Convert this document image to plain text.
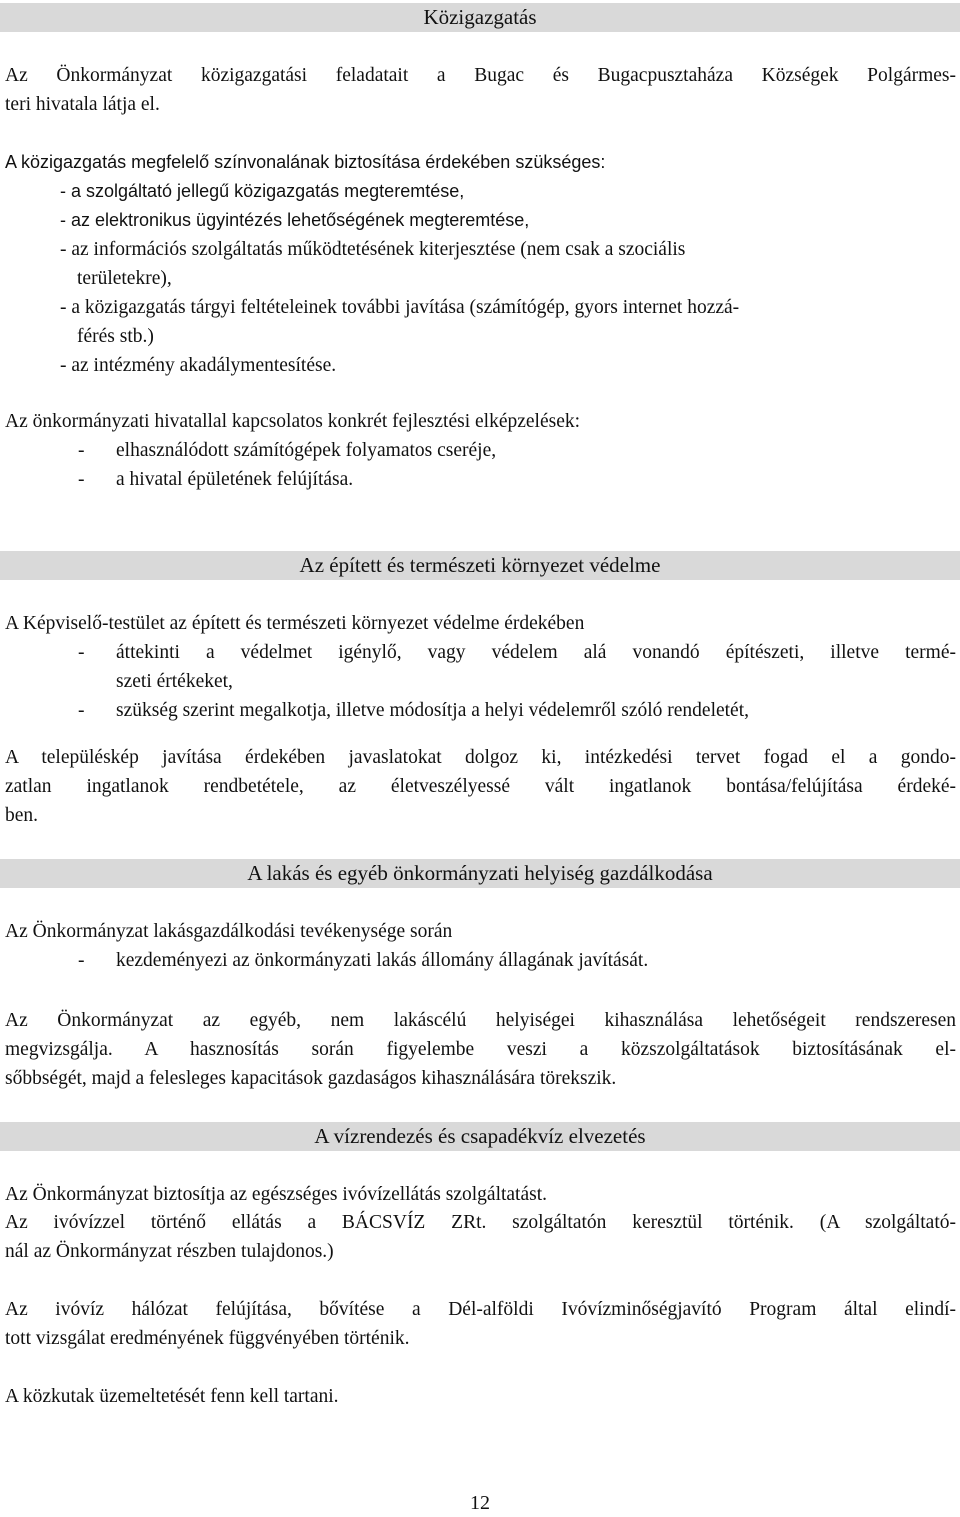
Közigazgatás
Az Önkormányzat közigazgatási feladatait a Bugac és Bugacpusztaháza Községek Polgármes-
teri hivatala látja el.
A közigazgatás megfelelő színvonalának biztosítása érdekében szükséges:
- a szolgáltató jellegű közigazgatás megteremtése,
- az elektronikus ügyintézés lehetőségének megteremtése,
- az információs szolgáltatás működtetésének kiterjesztése (nem csak a szociális
területekre),
- a közigazgatás tárgyi feltételeinek további javítása (számítógép, gyors internet hozzá-
férés stb.)
- az intézmény akadálymentesítése.
Az önkormányzati hivatallal kapcsolatos konkrét fejlesztési elképzelések:
- elhasználódott számítógépek folyamatos cseréje,
- a hivatal épületének felújítása.
Az épített és természeti környezet védelme
A Képviselő-testület az épített és természeti környezet védelme érdekében
- áttekinti a védelmet igénylő, vagy védelem alá vonandó építészeti, illetve termé-
szeti értékeket,
- szükség szerint megalkotja, illetve módosítja a helyi védelemről szóló rendeletét,
A településkép javítása érdekében javaslatokat dolgoz ki, intézkedési tervet fogad el a gondo-
zatlan ingatlanok rendbetétele, az életveszélyessé vált ingatlanok bontása/felújítása érdeké-
ben.
A lakás és egyéb önkormányzati helyiség gazdálkodása
Az Önkormányzat lakásgazdálkodási tevékenysége során
- kezdeményezi az önkormányzati lakás állomány állagának javítását.
Az Önkormányzat az egyéb, nem lakáscélú helyiségei kihasználása lehetőségeit rendszeresen
megvizsgálja. A hasznosítás során figyelembe veszi a közszolgáltatások biztosításának el-
sőbbségét, majd a felesleges kapacitások gazdaságos kihasználására törekszik.
A vízrendezés és csapadékvíz elvezetés
Az Önkormányzat biztosítja az egészséges ivóvízellátás szolgáltatást.
Az ivóvízzel történő ellátás a BÁCSVÍZ ZRt. szolgáltatón keresztül történik. (A szolgáltató-
nál az Önkormányzat részben tulajdonos.)
Az ivóvíz hálózat felújítása, bővítése a Dél-alföldi Ivóvízminőségjavító Program által elindí-
tott vizsgálat eredményének függvényében történik.
A közkutak üzemeltetését fenn kell tartani.
12
